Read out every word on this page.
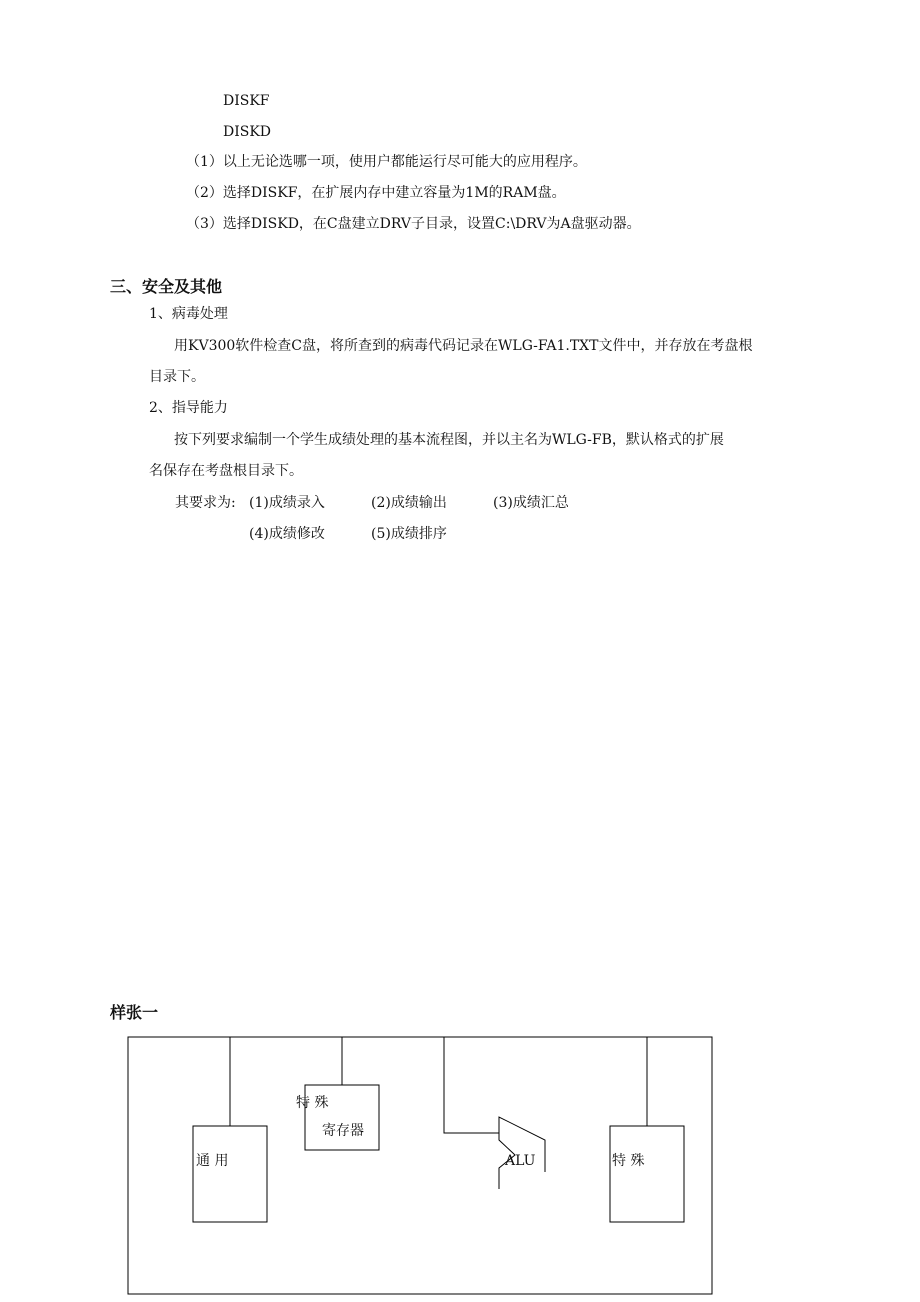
DISKF
DISKD
（1）以上无论选哪一项，使用户都能运行尽可能大的应用程序。
（2）选择DISKF，在扩展内存中建立容量为1M的RAM盘。
（3）选择DISKD，在C盘建立DRV子目录，设置C:\DRV为A盘驱动器。
三、安全及其他
1、病毒处理
用KV300软件检查C盘，将所查到的病毒代码记录在WLG-FA1.TXT文件中，并存放在考盘根
目录下。
2、指导能力
按下列要求编制一个学生成绩处理的基本流程图，并以主名为WLG-FB，默认格式的扩展
名保存在考盘根目录下。
其要求为: (1)成绩录入	(2)成绩输出	(3)成绩汇总
(4)成绩修改	(5)成绩排序
样张一
特 殊
寄存器
通 用	ALU	特 殊
